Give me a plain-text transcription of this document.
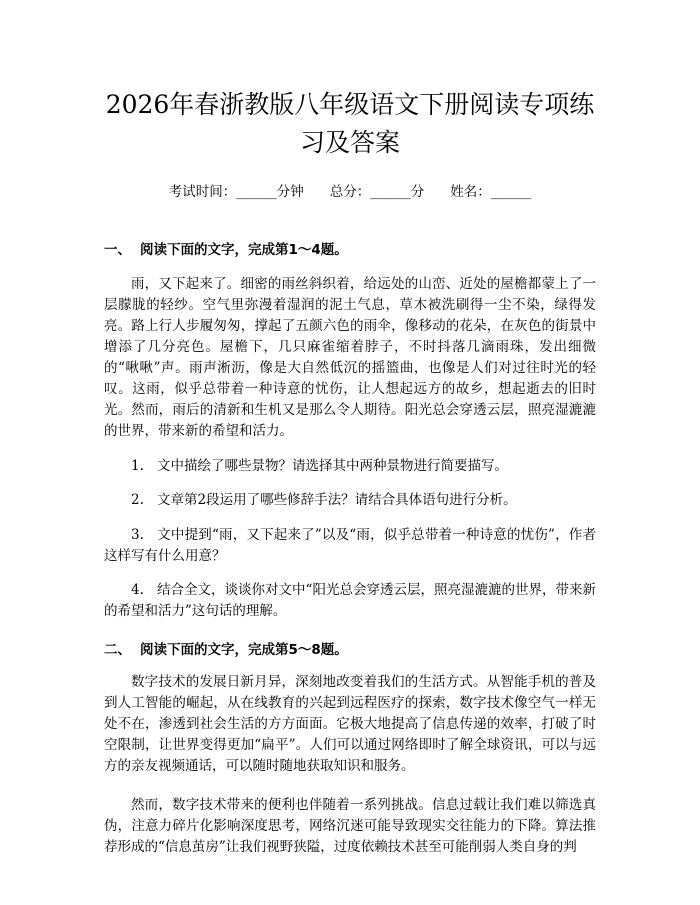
2026年春浙教版八年级语文下册阅读专项练习及答案
考试时间：______分钟 总分：______分 姓名：______
一、 阅读下面的文字，完成第1～4题。

雨，又下起来了。细密的雨丝斜织着，给远处的山峦、近处的屋檐都蒙上了一层朦胧的轻纱。空气里弥漫着湿润的泥土气息，草木被洗刷得一尘不染，绿得发亮。路上行人步履匆匆，撑起了五颜六色的雨伞，像移动的花朵，在灰色的街景中增添了几分亮色。屋檐下，几只麻雀缩着脖子，不时抖落几滴雨珠，发出细微的“啾啾”声。雨声淅沥，像是大自然低沉的摇篮曲，也像是人们对过往时光的轻叹。这雨，似乎总带着一种诗意的忧伤，让人想起远方的故乡，想起逝去的旧时光。然而，雨后的清新和生机又是那么令人期待。阳光总会穿透云层，照亮湿漉漉的世界，带来新的希望和活力。

1. 文中描绘了哪些景物？请选择其中两种景物进行简要描写。

2. 文章第2段运用了哪些修辞手法？请结合具体语句进行分析。

3. 文中提到“雨，又下起来了”以及“雨，似乎总带着一种诗意的忧伤”，作者这样写有什么用意？

4. 结合全文，谈谈你对文中“阳光总会穿透云层，照亮湿漉漉的世界，带来新的希望和活力”这句话的理解。

二、 阅读下面的文字，完成第5～8题。

数字技术的发展日新月异，深刻地改变着我们的生活方式。从智能手机的普及到人工智能的崛起，从在线教育的兴起到远程医疗的探索，数字技术像空气一样无处不在，渗透到社会生活的方方面面。它极大地提高了信息传递的效率，打破了时空限制，让世界变得更加“扁平”。人们可以通过网络即时了解全球资讯，可以与远方的亲友视频通话，可以随时随地获取知识和服务。

然而，数字技术带来的便利也伴随着一系列挑战。信息过载让我们难以筛选真伪，注意力碎片化影响深度思考，网络沉迷可能导致现实交往能力的下降。算法推荐形成的“信息茧房”让我们视野狭隘，过度依赖技术甚至可能削弱人类自身的判
